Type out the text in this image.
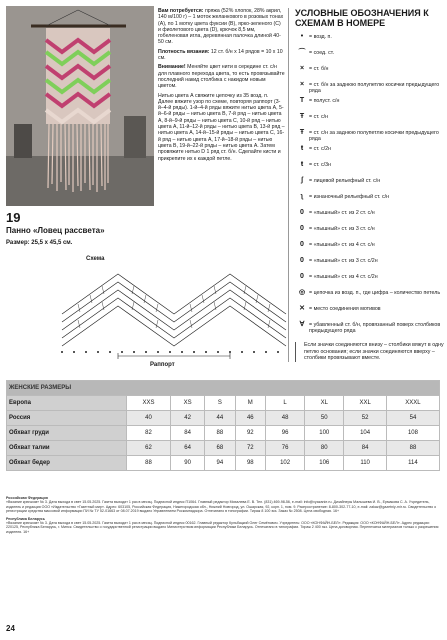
19
Панно «Ловец рассвета»
Размер: 25,5 х 45,5 см.

Вам потребуется: пряжа (52% хлопок, 28% акрил, 140 м/100 г) – 1 моток желанкового в розовых тонах (A), по 1 мотку цвета фуксии (B), ярко-зеленого (С) и фиолетового цвета (D), крючок 8,5 мм, гобеленовая игла, деревянная палочка длиной 40-50 см.

Плотность вязания: 12 ст. б/н х 14 рядов = 10 х 10 см.

Внимание! Меняйте цвет нити в середине ст. с/н для плавного перехода цвета, то есть провязывайте последний накид столбика с накидом новым цветом.

Нитью цвета А свяжите цепочку из 35 возд. п. Далее вяжите узор по схеме, повторяя раппорт (3-й–4-й ряды). 1-й–4-й ряды вяжите нитью цвета А, 5-й–6-й ряды – нитью цвета В, 7-й ряд – нитью цвета А, 8-й–9-й ряды – нитью цвета С, 10-й ряд – нитью цвета А, 11-й–12-й ряды – нитью цвета В, 13-й ряд – нитью цвета А, 14-й–15-й ряды – нитью цвета С, 16-й ряд – нитью цвета А, 17-й–18-й ряды – нитью цвета В, 19-й–22-й ряды – нитью цвета А. Затем провяжите нитью D 1 ряд ст. б/н. Сделайте кисти и прикрепите их к каждой петле.

УСЛОВНЫЕ ОБОЗНАЧЕНИЯ К СХЕМАМ В НОМЕРЕ
•	= возд. п.
⌒ = соед. ст.
× = ст. б/н
× = ст. б/н за заднюю полупетлю косички предыдущего ряда
T = полуст. с/н
Ŧ = ст. с/н
Ŧ = ст. с/н за заднюю полупетлю косички предыдущего ряда
ŧ	= ст. с/2н
ŧ	= ст. с/3н
ʃ	= лицевой рельефный ст. с/н
ʅ	= изнаночный рельефный ст. с/н
0 = «пышный» ст. из 2 ст. с/н
0 = «пышный» ст. из 3 ст. с/н
0 = «пышный» ст. из 4 ст. с/н
0 = «пышный» ст. из 3 ст. с/2н
0 = «пышный» ст. из 4 ст. с/2н
◎ = цепочка из возд. п., где цифра – количество петель
✕ = место соединения мотивов
∀ = убавленный ст. б/н, провязанный поверх столбиков предыдущего ряда
Если значки соединяются внизу – столбики вяжут в одну петлю основания; если значки соединяются вверху – столбики провязывают вместе.
Схема
Раппорт
ЖЕНСКИЕ РАЗМЕРЫ								
Европа	XXS	XS	S	M	L	XL	XXL	XXXL
Россия	40	42	44	46	48	50	52	54
Обхват груди	82	84	88	92	96	100	104	108
Обхват талии	62	64	68	72	76	80	84	88
Обхват бедер	88	90	94	98	102	106	110	114

Российская Федерация
«Вязание крючком» № 3. Дата выхода в свет 15.05.2025. Газета выходит 1 раз в месяц. Подписной индекс П1064. Главный редактор Михалева Е. В. Тел. (831) 469-98-56, e-mail: info@vyazanie.ru. Дизайнеры Малышева И. В., Ермакова С. А. Учредитель, издатель и редакция ООО «Издательство «Газетный мир». Адрес: 603105, Российская Федерация, Нижегородская обл., Нижний Новгород, ул. Ошарская, 92, корп. 1, пом. 9. Распространение: 8-800-302-77-10, e-mail: zakaz@gazetniy-mir.ru. Свидетельство о регистрации средства массовой информации ПИ № ТУ 52-01663 от 08.07.2019 выдано Управлением Роскомнадзора. Отпечатано в типографии. Тираж 8 100 экз. Заказ № 2508. Цена свободная. 16+

Республика Беларусь
«Вязание крючком» № 3. Дата выхода в свет 15.05.2025. Газета выходит 1 раз в месяц. Подписной индекс 00162. Главный редактор Кульбацкий Олег Семёнович. Учредитель: ООО «КОНФАЙН-БЕЛ». Редакция: ООО «КОНФАЙН-БЕЛ». Адрес редакции: 220125, Республика Беларусь, г. Минск. Свидетельство о государственной регистрации выдано Министерством информации Республики Беларусь. Отпечатано в типографии. Тираж 2 400 экз. Цена договорная. Перепечатка материалов только с разрешения издателя. 16+

24
